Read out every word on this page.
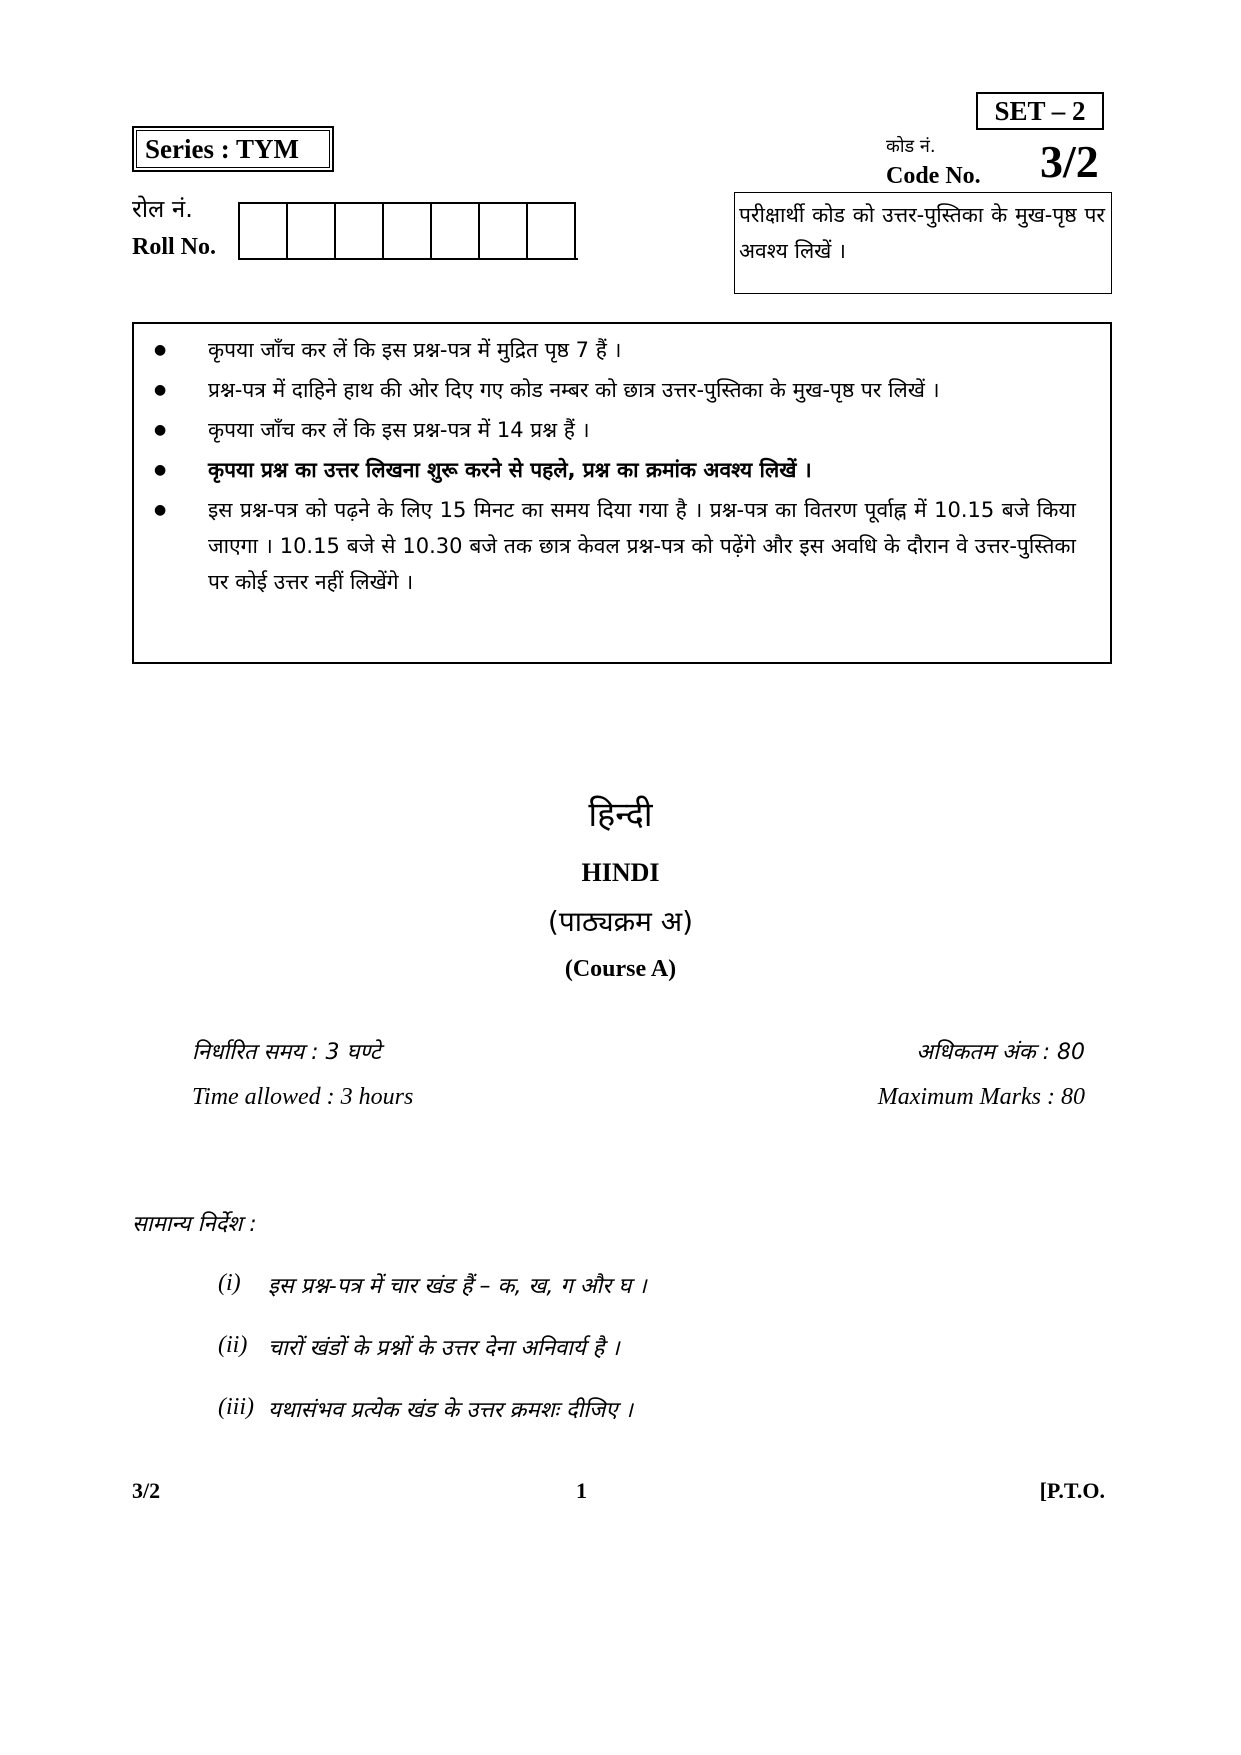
SET – 2
Series : TYM	कोड नं.
Code No. 3/2
रोल नं.
Roll No.
परीक्षार्थी कोड को उत्तर-पुस्तिका के मुख-पृष्ठ पर अवश्य लिखें ।
● कृपया जाँच कर लें कि इस प्रश्न-पत्र में मुद्रित पृष्ठ 7 हैं ।
● प्रश्न-पत्र में दाहिने हाथ की ओर दिए गए कोड नम्बर को छात्र उत्तर-पुस्तिका के मुख-पृष्ठ पर लिखें ।
● कृपया जाँच कर लें कि इस प्रश्न-पत्र में 14 प्रश्न हैं ।
● कृपया प्रश्न का उत्तर लिखना शुरू करने से पहले, प्रश्न का क्रमांक अवश्य लिखें ।
● इस प्रश्न-पत्र को पढ़ने के लिए 15 मिनट का समय दिया गया है । प्रश्न-पत्र का वितरण पूर्वाह्न में 10.15 बजे किया जाएगा । 10.15 बजे से 10.30 बजे तक छात्र केवल प्रश्न-पत्र को पढ़ेंगे और इस अवधि के दौरान वे उत्तर-पुस्तिका पर कोई उत्तर नहीं लिखेंगे ।
हिन्दी
HINDI
(पाठ्यक्रम अ)
(Course A)
निर्धारित समय : 3 घण्टे
Time allowed : 3 hours
अधिकतम अंक : 80
Maximum Marks : 80
सामान्य निर्देश :
(i)	इस प्रश्न-पत्र में चार खंड हैं – क, ख, ग और घ ।
(ii) चारों खंडों के प्रश्नों के उत्तर देना अनिवार्य है ।
(iii) यथासंभव प्रत्येक खंड के उत्तर क्रमशः दीजिए ।
3/2	1	[P.T.O.
